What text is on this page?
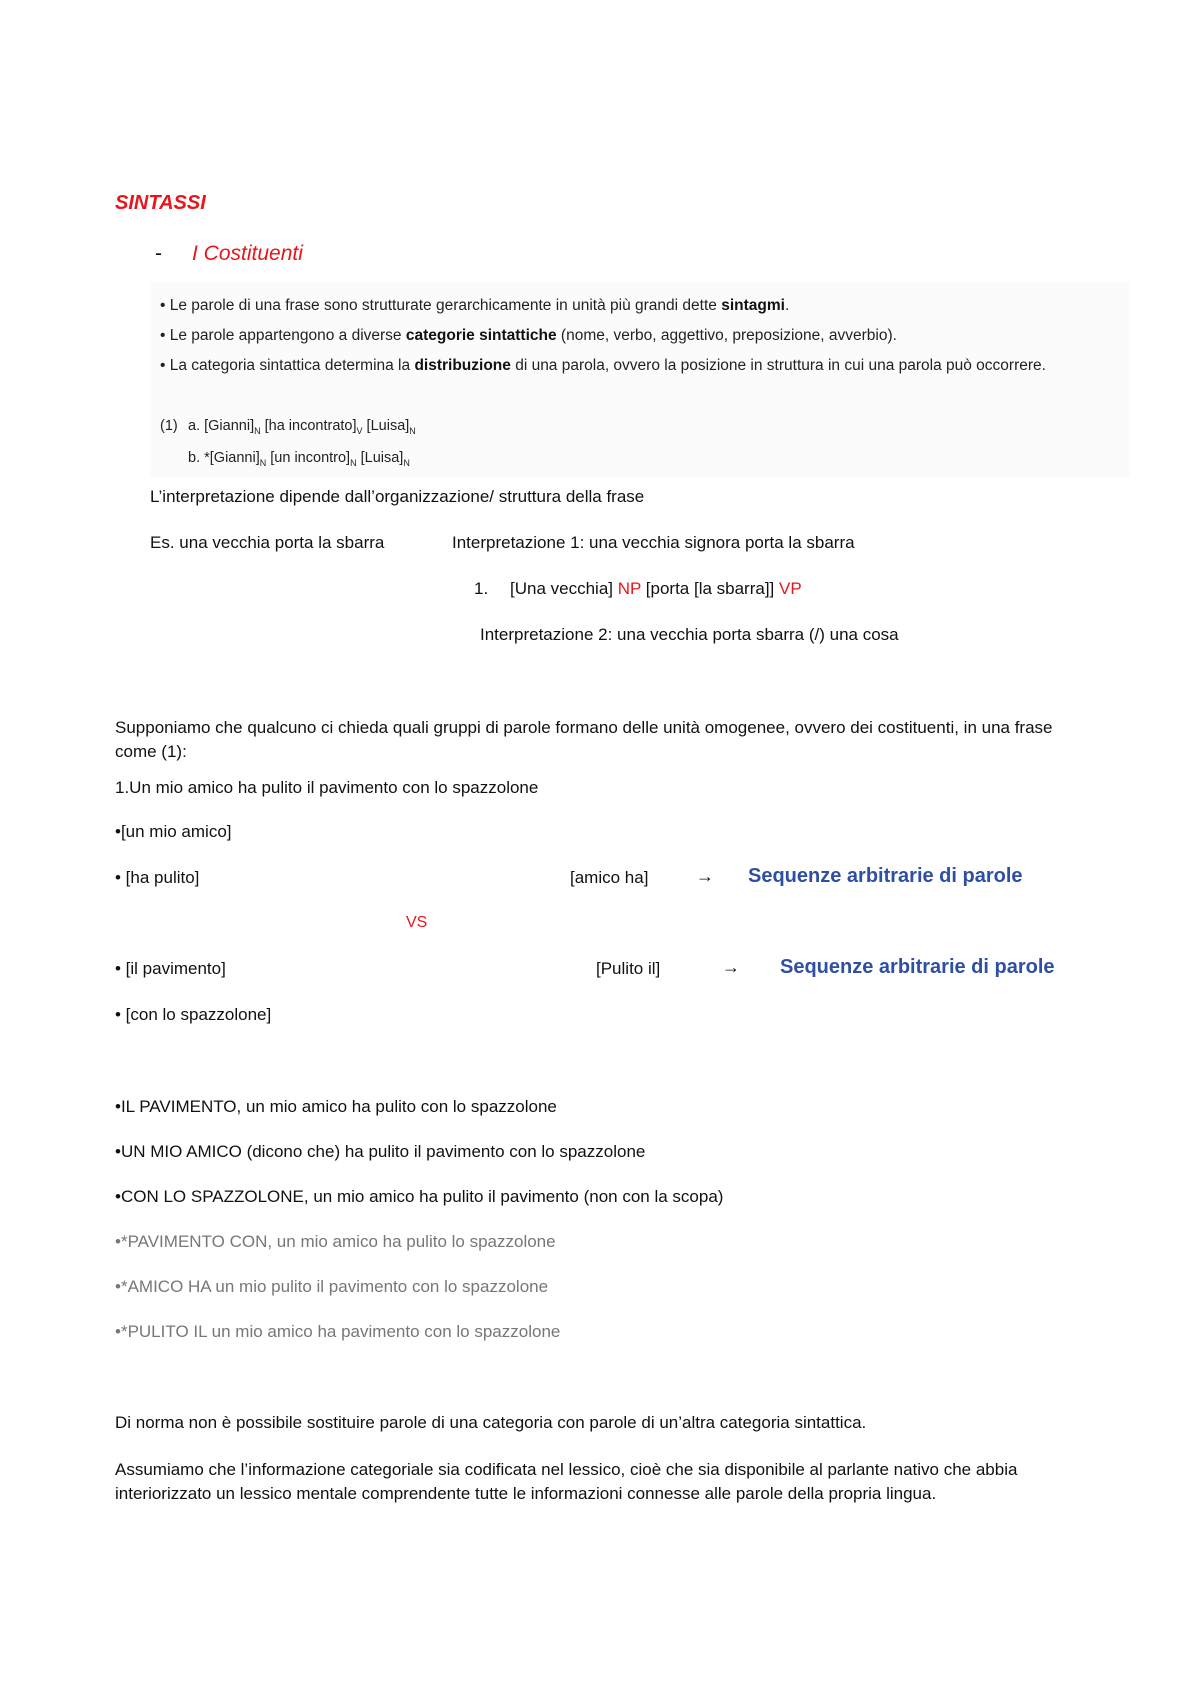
SINTASSI
- I Costituenti
• Le parole di una frase sono strutturate gerarchicamente in unità più grandi dette sintagmi.
• Le parole appartengono a diverse categorie sintattiche (nome, verbo, aggettivo, preposizione, avverbio).
• La categoria sintattica determina la distribuzione di una parola, ovvero la posizione in struttura in cui una parola può occorrere.
(1) a. $[Gianni]_N$ [ha $incontrato]_V$ $[Luisa]_N$
b. $*[Gianni]_N$ [un $incontro]_N$ $[Luisa]_N$
L’interpretazione dipende dall’organizzazione/ struttura della frase
Es. una vecchia porta la sbarra	Interpretazione 1: una vecchia signora porta la sbarra
1. [Una vecchia] NP [porta [la sbarra]] VP
Interpretazione 2: una vecchia porta sbarra (/) una cosa
Supponiamo che qualcuno ci chieda quali gruppi di parole formano delle unità omogenee, ovvero dei costituenti, in una frase come (1):
1.Un mio amico ha pulito il pavimento con lo spazzolone
•[un mio amico]
• [ha pulito]	[amico ha]	→ Sequenze arbitrarie di parole
VS
• [il pavimento]	[Pulito il]	→ Sequenze arbitrarie di parole
• [con lo spazzolone]
•IL PAVIMENTO, un mio amico ha pulito con lo spazzolone
•UN MIO AMICO (dicono che) ha pulito il pavimento con lo spazzolone
•CON LO SPAZZOLONE, un mio amico ha pulito il pavimento (non con la scopa)
•*PAVIMENTO CON, un mio amico ha pulito lo spazzolone
•*AMICO HA un mio pulito il pavimento con lo spazzolone
•*PULITO IL un mio amico ha pavimento con lo spazzolone
Di norma non è possibile sostituire parole di una categoria con parole di un’altra categoria sintattica.
Assumiamo che l’informazione categoriale sia codificata nel lessico, cioè che sia disponibile al parlante nativo che abbia interiorizzato un lessico mentale comprendente tutte le informazioni connesse alle parole della propria lingua.
